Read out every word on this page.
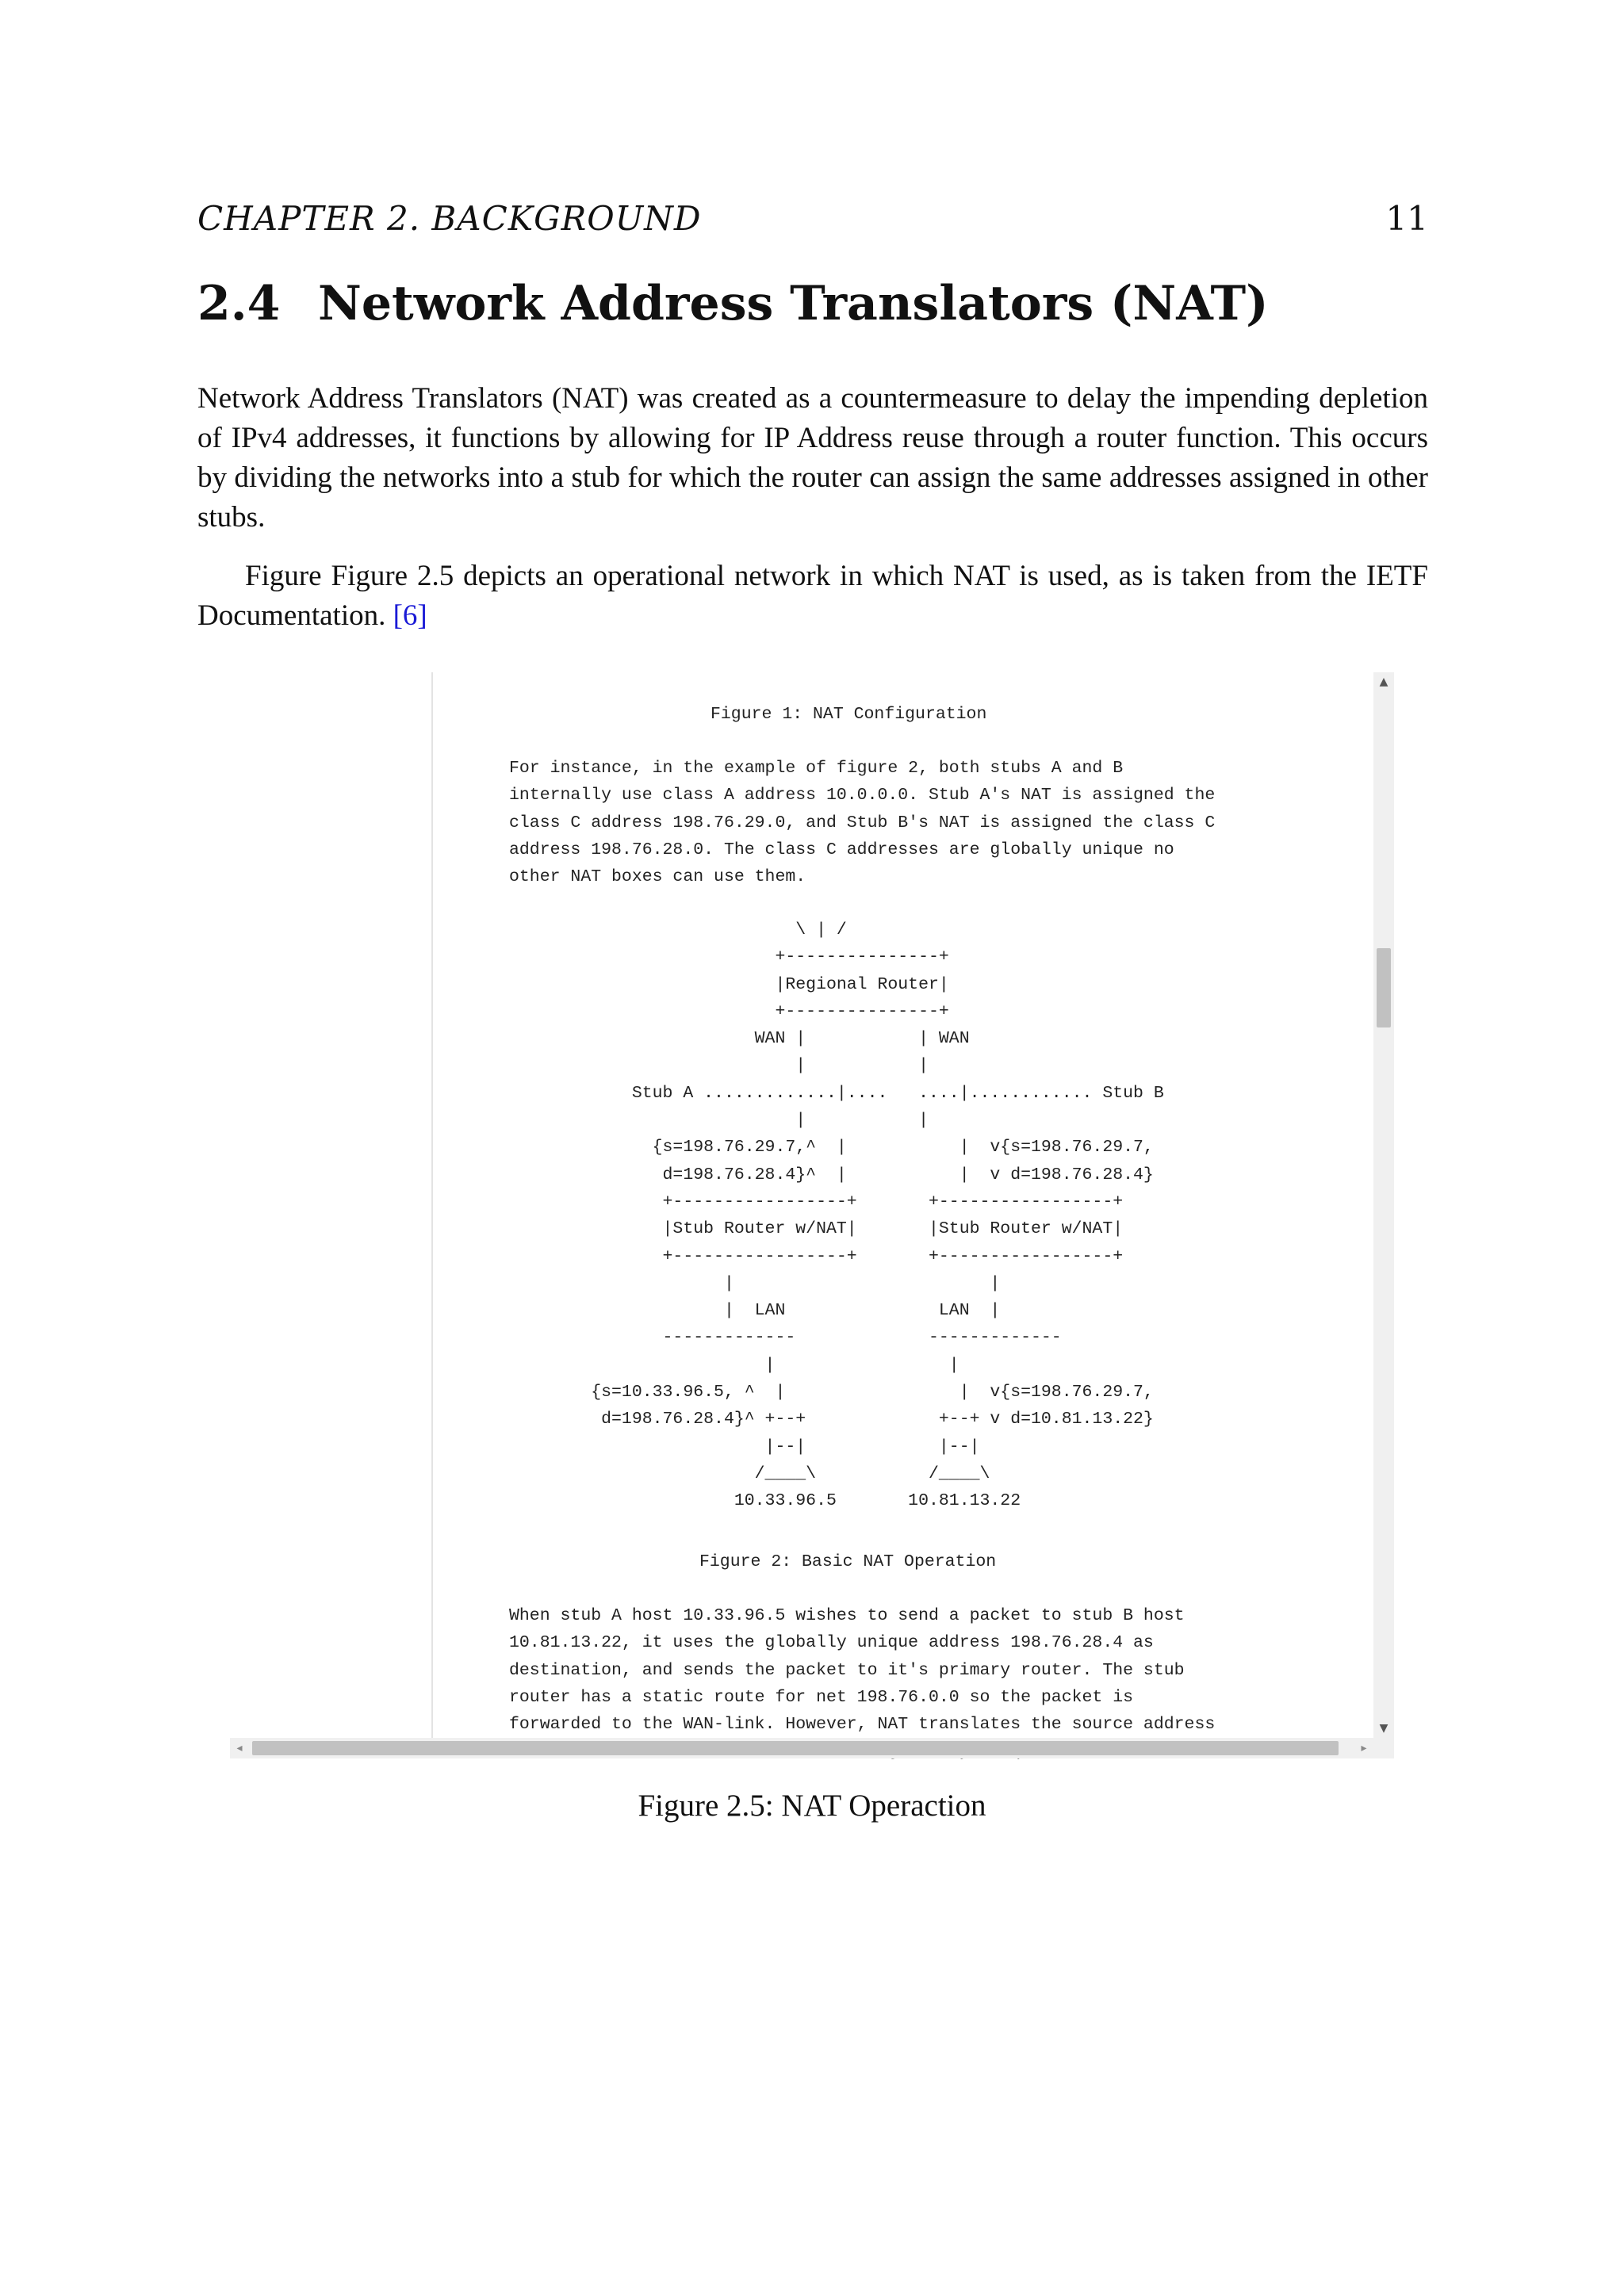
CHAPTER 2. BACKGROUND	11
2.4 Network Address Translators (NAT)
Network Address Translators (NAT) was created as a countermeasure to delay the impending depletion of IPv4 addresses, it functions by allowing for IP Address reuse through a router function. This occurs by dividing the networks into a stub for which the router can assign the same addresses assigned in other stubs.
Figure Figure 2.5 depicts an operational network in which NAT is used, as is taken from the IETF Documentation. [6]
Figure 1: NAT Configuration
For instance, in the example of figure 2, both stubs A and B
internally use class A address 10.0.0.0. Stub A's NAT is assigned the
class C address 198.76.29.0, and Stub B's NAT is assigned the class C
address 198.76.28.0. The class C addresses are globally unique no
other NAT boxes can use them.
\ | /
+---------------+
|Regional Router|
+---------------+
WAN |           | WAN
|           |
Stub A .............|....   ....|............ Stub B
|           |
{s=198.76.29.7,^  |           |  v{s=198.76.29.7,
d=198.76.28.4}^  |           |  v d=198.76.28.4}
+-----------------+       +-----------------+
|Stub Router w/NAT|       |Stub Router w/NAT|
+-----------------+       +-----------------+
|                         |
|  LAN               LAN  |
-------------             -------------
|                 |
{s=10.33.96.5, ^  |                 |  v{s=198.76.29.7,
d=198.76.28.4}^ +--+             +--+ v d=10.81.13.22}
|--|             |--|
/____\           /____\
10.33.96.5       10.81.13.22
Figure 2: Basic NAT Operation
When stub A host 10.33.96.5 wishes to send a packet to stub B host
10.81.13.22, it uses the globally unique address 198.76.28.4 as
destination, and sends the packet to it's primary router. The stub
router has a static route for net 198.76.0.0 so the packet is
forwarded to the WAN-link. However, NAT translates the source address

▲
▼
◂	▸
Figure 2.5: NAT Operaction
